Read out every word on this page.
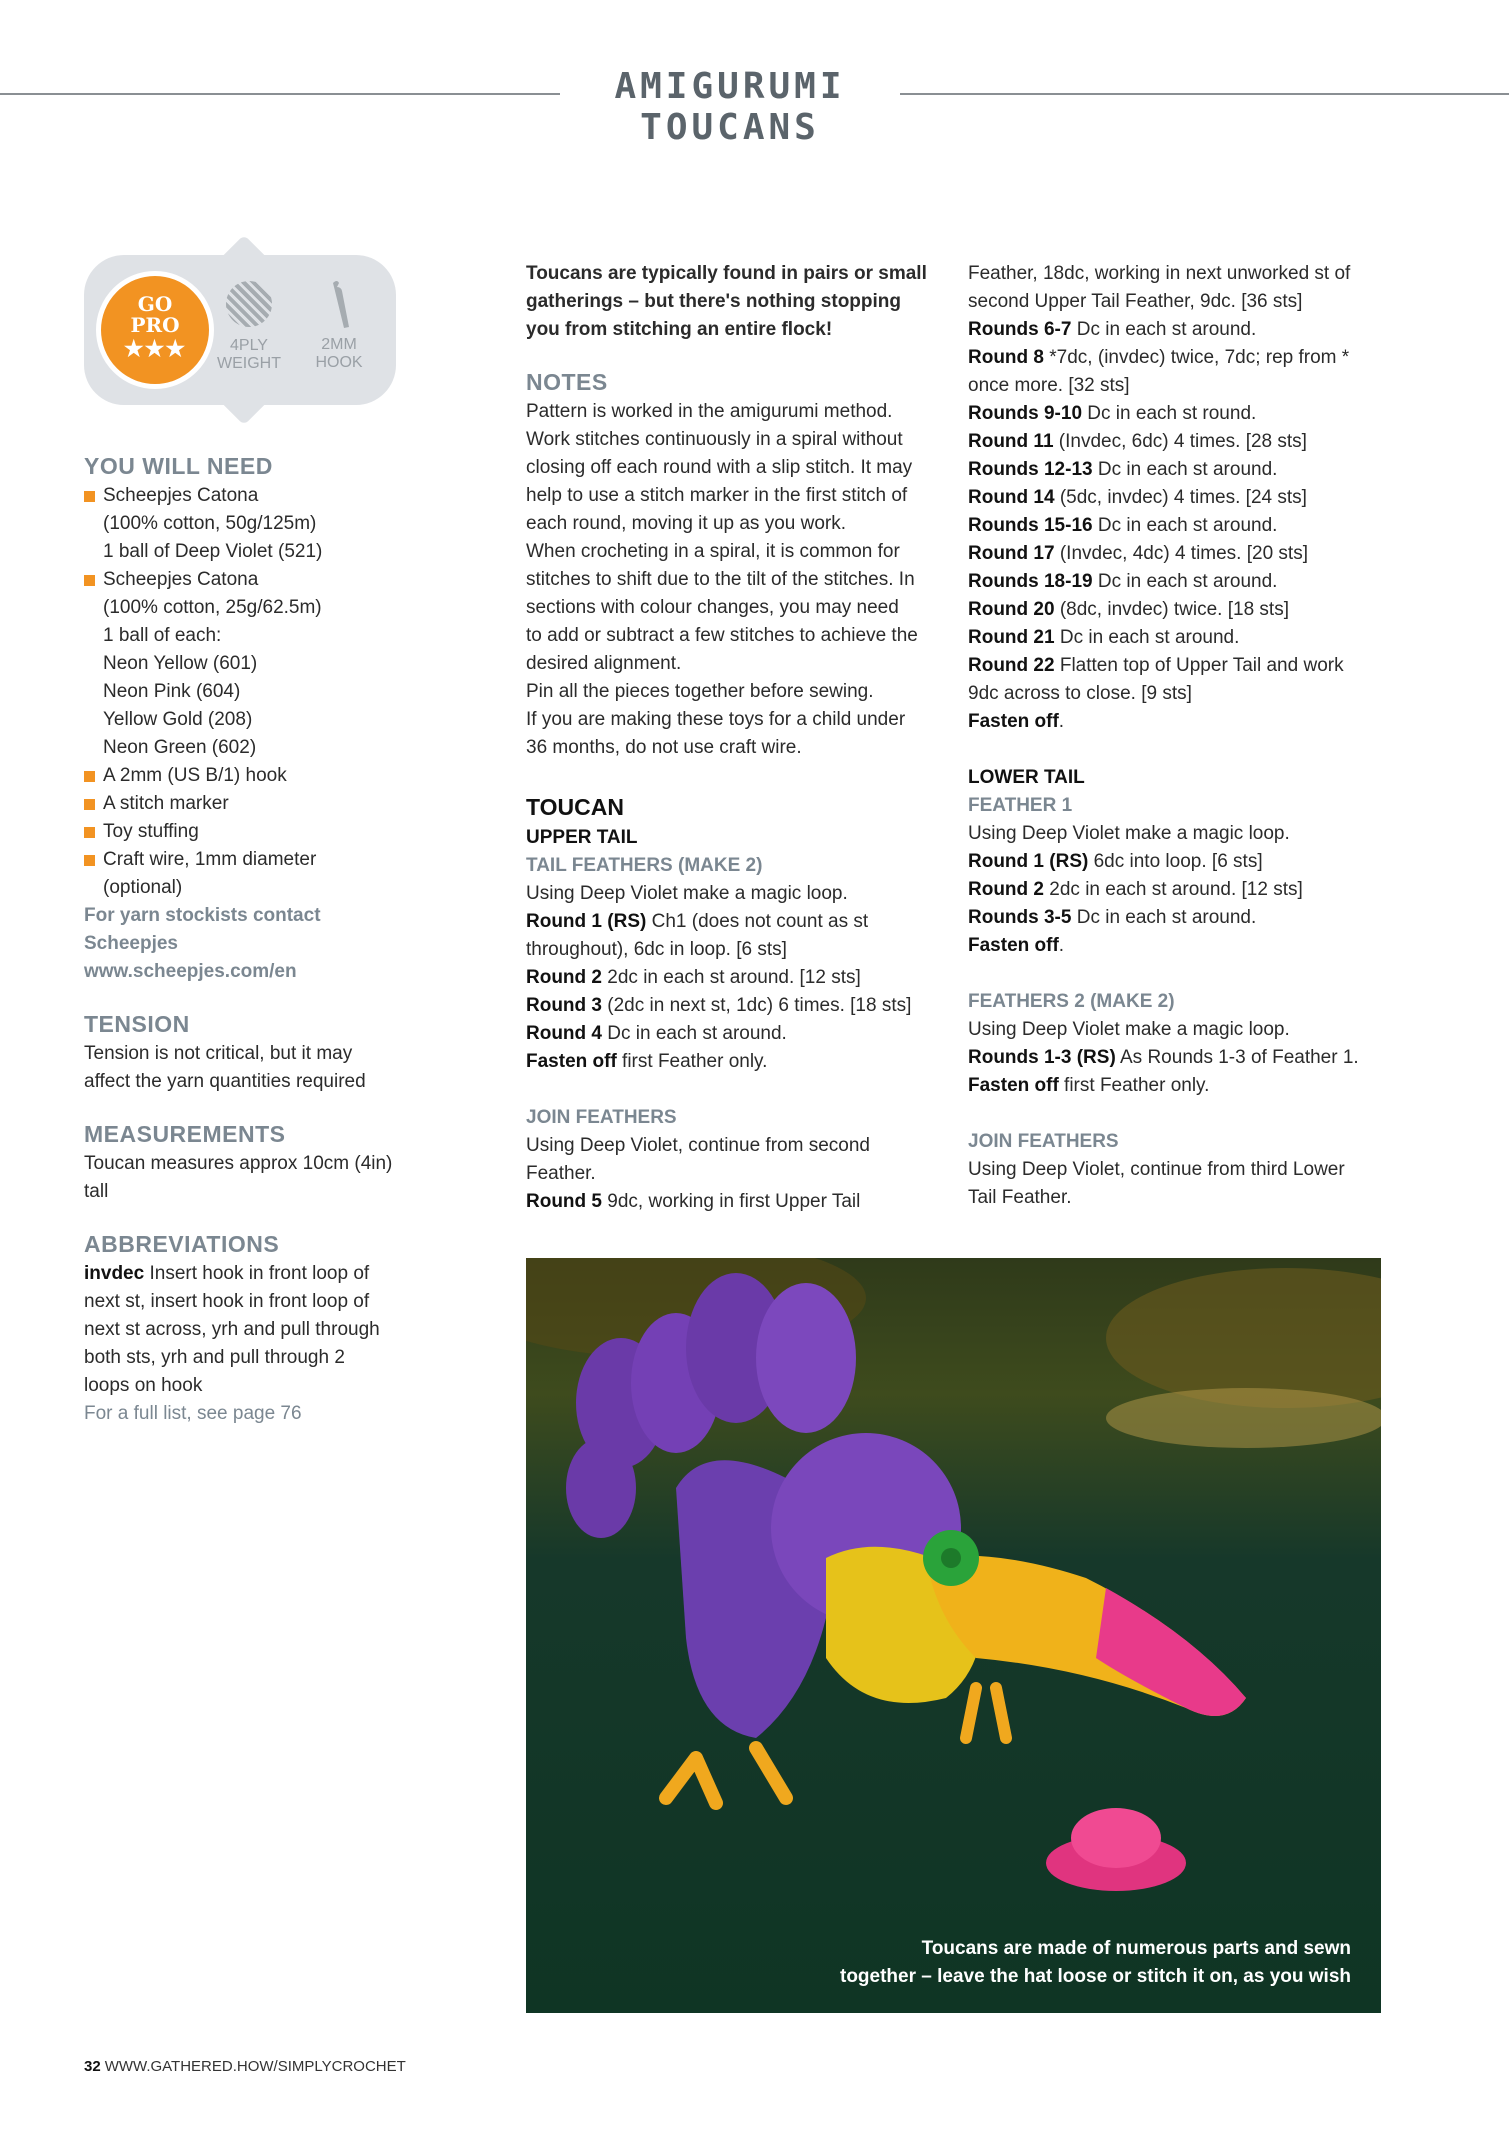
AMIGURUMI TOUCANS
GO
PRO
★★★	4PLY
WEIGHT
2MM
HOOK
YOU WILL NEED
Scheepjes Catona
(100% cotton, 50g/125m)
1 ball of Deep Violet (521)
Scheepjes Catona
(100% cotton, 25g/62.5m)
1 ball of each:
Neon Yellow (601)
Neon Pink (604)
Yellow Gold (208)
Neon Green (602)
A 2mm (US B/1) hook
A stitch marker
Toy stuffing
Craft wire, 1mm diameter
(optional)
For yarn stockists contact
Scheepjes
www.scheepjes.com/en
TENSION
Tension is not critical, but it may
affect the yarn quantities required
MEASUREMENTS
Toucan measures approx 10cm (4in)
tall
ABBREVIATIONS
invdec Insert hook in front loop of
next st, insert hook in front loop of
next st across, yrh and pull through
both sts, yrh and pull through 2
loops on hook
For a full list, see page 76
Toucans are typically found in pairs or small
gatherings – but there's nothing stopping
you from stitching an entire flock!
NOTES
Pattern is worked in the amigurumi method.
Work stitches continuously in a spiral without
closing off each round with a slip stitch. It may
help to use a stitch marker in the first stitch of
each round, moving it up as you work.
When crocheting in a spiral, it is common for
stitches to shift due to the tilt of the stitches. In
sections with colour changes, you may need
to add or subtract a few stitches to achieve the
desired alignment.
Pin all the pieces together before sewing.
If you are making these toys for a child under
36 months, do not use craft wire.
TOUCAN
UPPER TAIL
TAIL FEATHERS (MAKE 2)
Using Deep Violet make a magic loop.
Round 1 (RS) Ch1 (does not count as st
throughout), 6dc in loop. [6 sts]
Round 2 2dc in each st around. [12 sts]
Round 3 (2dc in next st, 1dc) 6 times. [18 sts]
Round 4 Dc in each st around.
Fasten off first Feather only.
JOIN FEATHERS
Using Deep Violet, continue from second
Feather.
Round 5 9dc, working in first Upper Tail
Feather, 18dc, working in next unworked st of
second Upper Tail Feather, 9dc. [36 sts]
Rounds 6-7 Dc in each st around.
Round 8 *7dc, (invdec) twice, 7dc; rep from *
once more. [32 sts]
Rounds 9-10 Dc in each st round.
Round 11 (Invdec, 6dc) 4 times. [28 sts]
Rounds 12-13 Dc in each st around.
Round 14 (5dc, invdec) 4 times. [24 sts]
Rounds 15-16 Dc in each st around.
Round 17 (Invdec, 4dc) 4 times. [20 sts]
Rounds 18-19 Dc in each st around.
Round 20 (8dc, invdec) twice. [18 sts]
Round 21 Dc in each st around.
Round 22 Flatten top of Upper Tail and work
9dc across to close. [9 sts]
Fasten off.
LOWER TAIL
FEATHER 1
Using Deep Violet make a magic loop.
Round 1 (RS) 6dc into loop. [6 sts]
Round 2 2dc in each st around. [12 sts]
Rounds 3-5 Dc in each st around.
Fasten off.
FEATHERS 2 (MAKE 2)
Using Deep Violet make a magic loop.
Rounds 1-3 (RS) As Rounds 1-3 of Feather 1.
Fasten off first Feather only.
JOIN FEATHERS
Using Deep Violet, continue from third Lower
Tail Feather.
Toucans are made of numerous parts and sewn
together – leave the hat loose or stitch it on, as you wish
32 WWW.GATHERED.HOW/SIMPLYCROCHET
